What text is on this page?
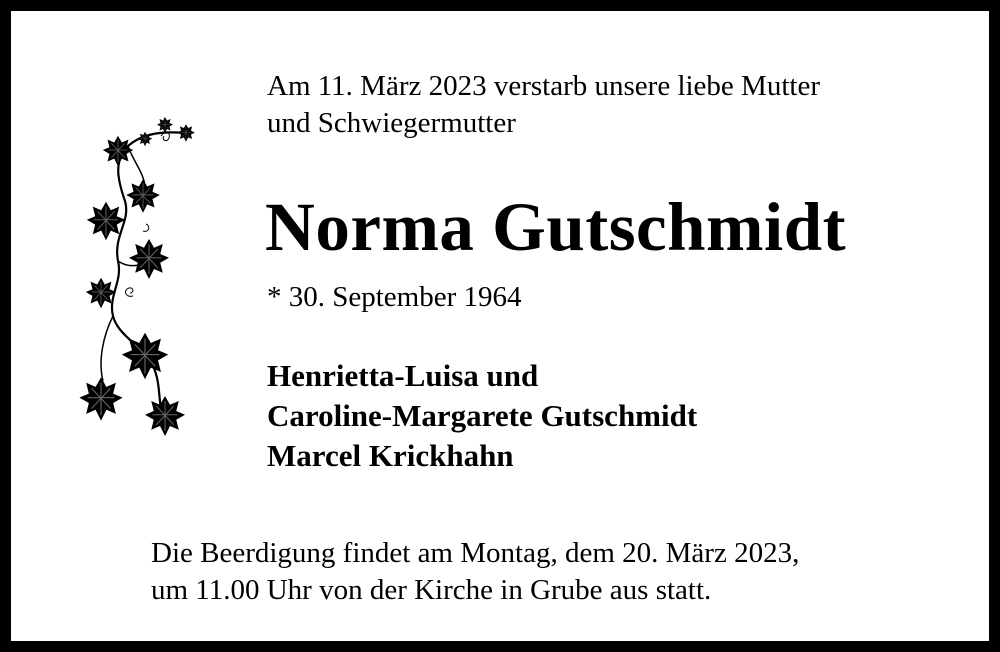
Am 11. März 2023 verstarb unsere liebe Mutter
und Schwiegermutter

Norma Gutschmidt

* 30. September 1964

Henrietta-Luisa und
Caroline-Margarete Gutschmidt
Marcel Krickhahn

Die Beerdigung findet am Montag, dem 20. März 2023,
um 11.00 Uhr von der Kirche in Grube aus statt.
